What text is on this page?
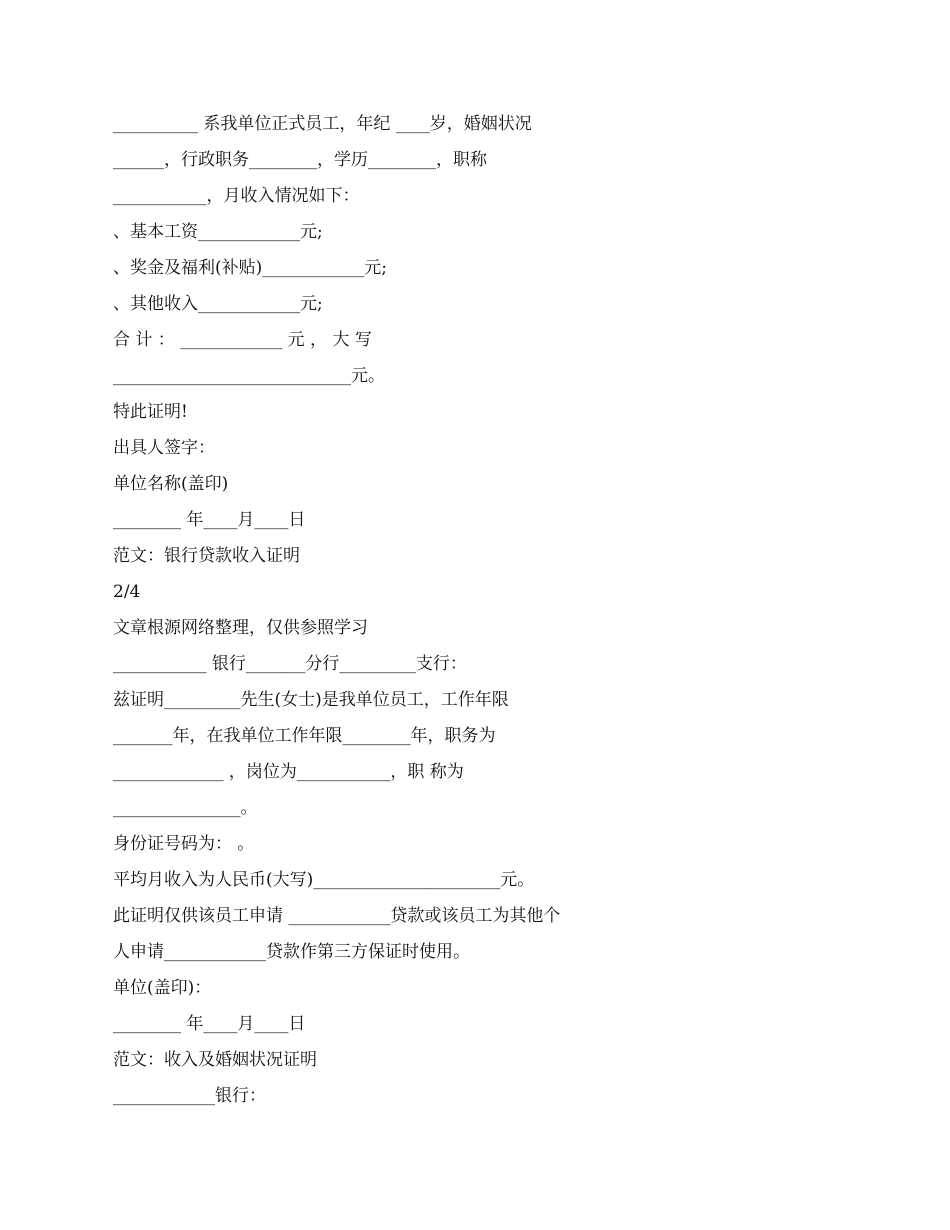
__________ 系我单位正式员工，年纪 ____岁，婚姻状况
______，行政职务________，学历________，职称
___________，月收入情况如下：
、基本工资____________元;
、奖金及福利(补贴)____________元;
、其他收入____________元;
合 计 ： ____________ 元 ， 大 写
____________________________元。
特此证明!
出具人签字：
单位名称(盖印)
________ 年____月____日
范文：银行贷款收入证明
2/4
文章根源网络整理，仅供参照学习
___________ 银行_______分行_________支行：
兹证明_________先生(女士)是我单位员工，工作年限
_______年，在我单位工作年限________年，职务为
_____________ ，岗位为___________，职 称为
_______________。
身份证号码为： 。
平均月收入为人民币(大写)______________________元。
此证明仅供该员工申请 ____________贷款或该员工为其他个
人申请____________贷款作第三方保证时使用。
单位(盖印)：
________ 年____月____日
范文：收入及婚姻状况证明
____________银行：
